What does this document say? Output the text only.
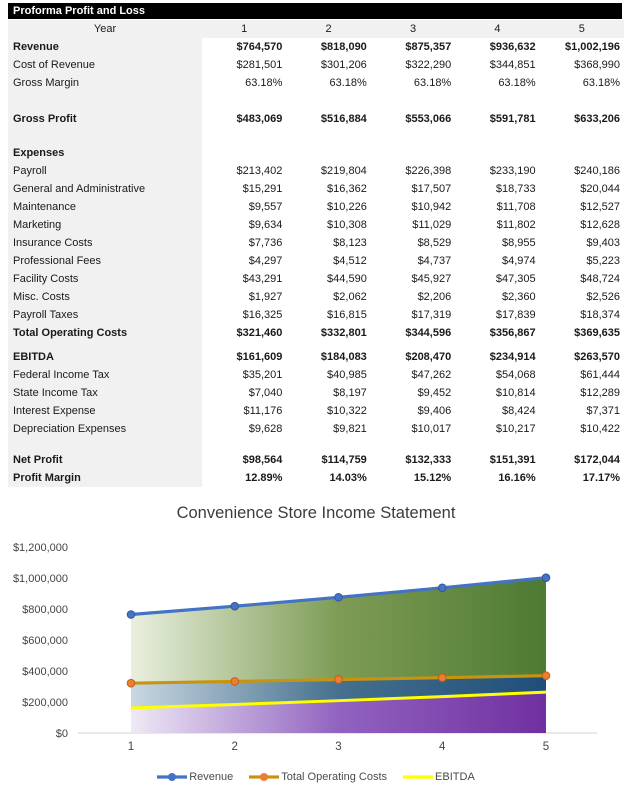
Proforma Profit and Loss
Year	1	2	3	4	5
Revenue	$764,570	$818,090	$875,357	$936,632	$1,002,196
Cost of Revenue	$281,501	$301,206	$322,290	$344,851	$368,990
Gross Margin	63.18%	63.18%	63.18%	63.18%	63.18%
Gross Profit	$483,069	$516,884	$553,066	$591,781	$633,206
Expenses
Payroll	$213,402	$219,804	$226,398	$233,190	$240,186
General and Administrative	$15,291	$16,362	$17,507	$18,733	$20,044
Maintenance	$9,557	$10,226	$10,942	$11,708	$12,527
Marketing	$9,634	$10,308	$11,029	$11,802	$12,628
Insurance Costs	$7,736	$8,123	$8,529	$8,955	$9,403
Professional Fees	$4,297	$4,512	$4,737	$4,974	$5,223
Facility Costs	$43,291	$44,590	$45,927	$47,305	$48,724
Misc. Costs	$1,927	$2,062	$2,206	$2,360	$2,526
Payroll Taxes	$16,325	$16,815	$17,319	$17,839	$18,374
Total Operating Costs	$321,460	$332,801	$344,596	$356,867	$369,635
EBITDA	$161,609	$184,083	$208,470	$234,914	$263,570
Federal Income Tax	$35,201	$40,985	$47,262	$54,068	$61,444
State Income Tax	$7,040	$8,197	$9,452	$10,814	$12,289
Interest Expense	$11,176	$10,322	$9,406	$8,424	$7,371
Depreciation Expenses	$9,628	$9,821	$10,017	$10,217	$10,422
Net Profit	$98,564	$114,759	$132,333	$151,391	$172,044
Profit Margin	12.89%	14.03%	15.12%	16.16%	17.17%
Convenience Store Income Statement
$0
$200,000
$400,000
$600,000
$800,000
$1,000,000
$1,200,000
1	2	3	4	5
Revenue	Total Operating Costs	EBITDA
